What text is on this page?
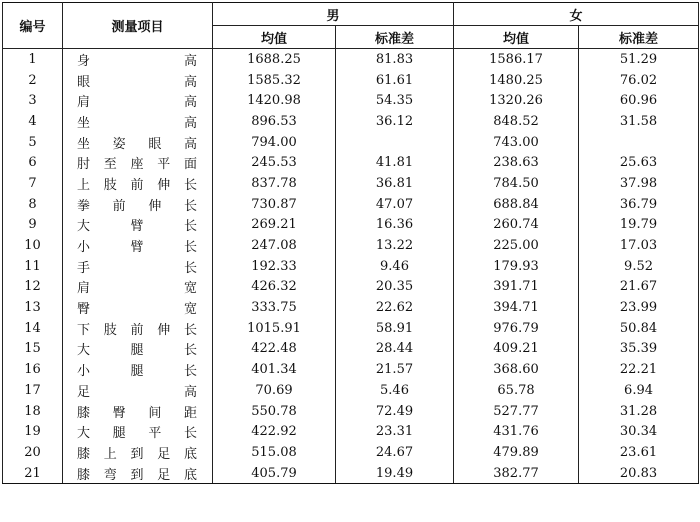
编号	测量项目	男		女	
		均值	标准差	均值	标准差
1	身高	1688.25	81.83	1586.17	51.29
2	眼高	1585.32	61.61	1480.25	76.02
3	肩高	1420.98	54.35	1320.26	60.96
4	坐高	896.53	36.12	848.52	31.58
5	坐姿眼高	794.00		743.00	
6	肘至座平面	245.53	41.81	238.63	25.63
7	上肢前伸长	837.78	36.81	784.50	37.98
8	拳前伸长	730.87	47.07	688.84	36.79
9	大臂长	269.21	16.36	260.74	19.79
10	小臂长	247.08	13.22	225.00	17.03
11	手长	192.33	9.46	179.93	9.52
12	肩宽	426.32	20.35	391.71	21.67
13	臀宽	333.75	22.62	394.71	23.99
14	下肢前伸长	1015.91	58.91	976.79	50.84
15	大腿长	422.48	28.44	409.21	35.39
16	小腿长	401.34	21.57	368.60	22.21
17	足高	70.69	5.46	65.78	6.94
18	膝臀间距	550.78	72.49	527.77	31.28
19	大腿平长	422.92	23.31	431.76	30.34
20	膝上到足底	515.08	24.67	479.89	23.61
21	膝弯到足底	405.79	19.49	382.77	20.83
